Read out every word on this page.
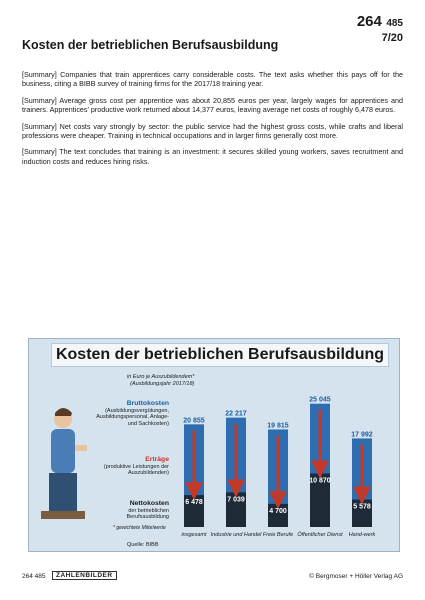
Kosten der betrieblichen Berufsausbildung
264 485
7/20

[Summary] Companies that train apprentices carry considerable costs. The text asks whether this pays off for the business, citing a BIBB survey of training firms for the 2017/18 training year.

[Summary] Average gross cost per apprentice was about 20,855 euros per year, largely wages for apprentices and trainers. Apprentices' productive work returned about 14,377 euros, leaving average net costs of roughly 6,478 euros.

[Summary] Net costs vary strongly by sector: the public service had the highest gross costs, while crafts and liberal professions were cheaper. Training in technical occupations and in larger firms generally cost more.

[Summary] The text concludes that training is an investment: it secures skilled young workers, saves recruitment and induction costs and reduces hiring risks.

Kosten der betrieblichen Berufsausbildung
in Euro je Auszubildendem*
(Ausbildungsjahr 2017/18)
Bruttokosten
(Ausbildungsvergütungen, Ausbildungspersonal, Anlage- und Sachkosten)
Erträge
(produktive Leistungen der Auszubildenden)
Nettokosten
der betrieblichen Berufsausbildung
20 855
6 478
insgesamt
22 217
7 039
Industrie und Handel
19 815
4 700
Freie Berufe
25 045
10 870
Öffentlicher Dienst
17 992
5 578
Hand-werk
* gewichtete Mittelwerte
Quelle: BIBB
264 485	ZAHLENBILDER	© Bergmoser + Höller Verlag AG
